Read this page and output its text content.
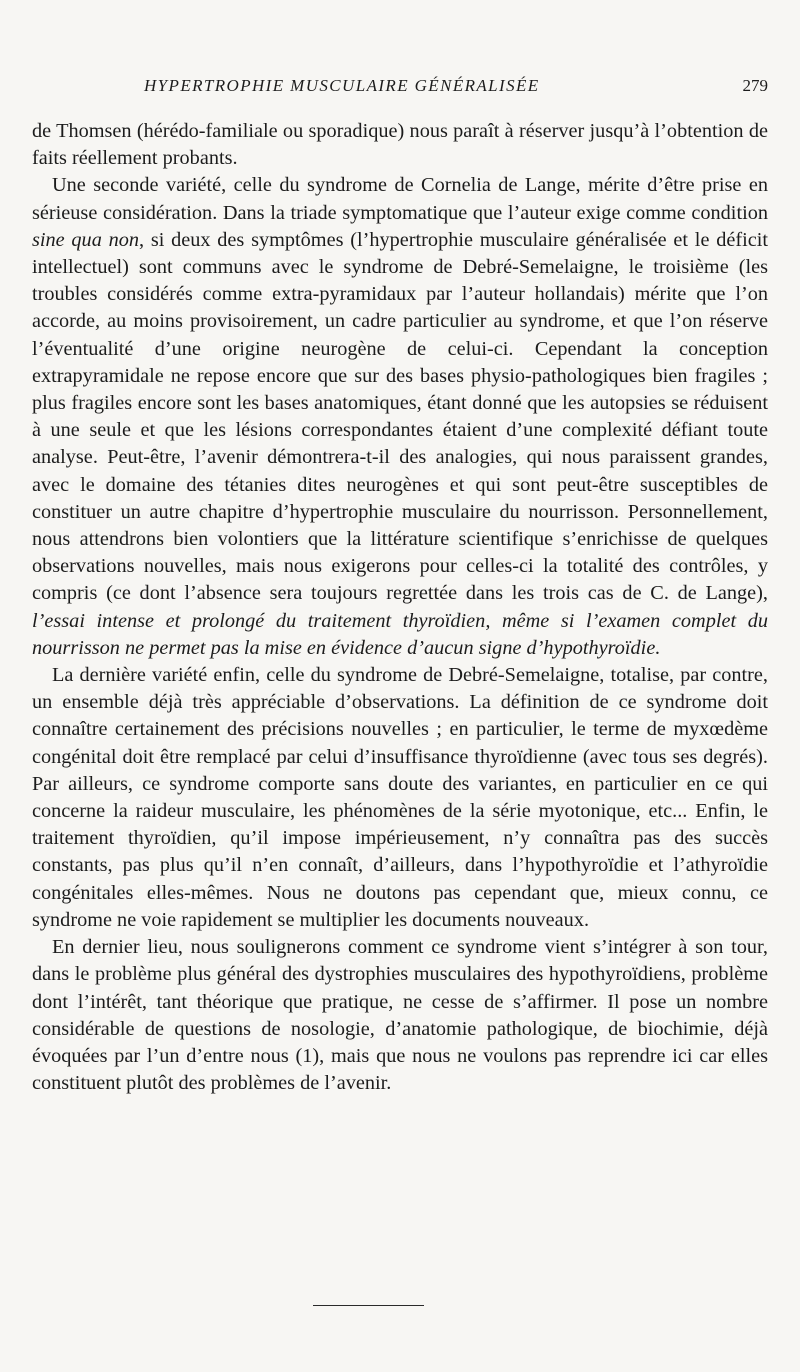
HYPERTROPHIE MUSCULAIRE GÉNÉRALISÉE	279

de Thomsen (hérédo-familiale ou sporadique) nous paraît à réserver jusqu’à l’obtention de faits réellement probants.

Une seconde variété, celle du syndrome de Cornelia de Lange, mérite d’être prise en sérieuse considération. Dans la triade symptomatique que l’auteur exige comme condition sine qua non, si deux des symptômes (l’hypertrophie musculaire généralisée et le déficit intellectuel) sont communs avec le syndrome de Debré-Semelaigne, le troisième (les troubles considérés comme extra-pyramidaux par l’auteur hollandais) mérite que l’on accorde, au moins provisoirement, un cadre particulier au syndrome, et que l’on réserve l’éventualité d’une origine neurogène de celui-ci. Cependant la conception extrapyramidale ne repose encore que sur des bases physio-pathologiques bien fragiles ; plus fragiles encore sont les bases anatomiques, étant donné que les autopsies se réduisent à une seule et que les lésions correspondantes étaient d’une complexité défiant toute analyse. Peut-être, l’avenir démontrera-t-il des analogies, qui nous paraissent grandes, avec le domaine des tétanies dites neurogènes et qui sont peut-être susceptibles de constituer un autre chapitre d’hypertrophie musculaire du nourrisson. Personnellement, nous attendrons bien volontiers que la littérature scientifique s’enrichisse de quelques observations nouvelles, mais nous exigerons pour celles-ci la totalité des contrôles, y compris (ce dont l’absence sera toujours regrettée dans les trois cas de C. de Lange), l’essai intense et prolongé du traitement thyroïdien, même si l’examen complet du nourrisson ne permet pas la mise en évidence d’aucun signe d’hypothyroïdie.

La dernière variété enfin, celle du syndrome de Debré-Semelaigne, totalise, par contre, un ensemble déjà très appréciable d’observations. La définition de ce syndrome doit connaître certainement des précisions nouvelles ; en particulier, le terme de myxœdème congénital doit être remplacé par celui d’insuffisance thyroïdienne (avec tous ses degrés). Par ailleurs, ce syndrome comporte sans doute des variantes, en particulier en ce qui concerne la raideur musculaire, les phénomènes de la série myotonique, etc... Enfin, le traitement thyroïdien, qu’il impose impérieusement, n’y connaîtra pas des succès constants, pas plus qu’il n’en connaît, d’ailleurs, dans l’hypothyroïdie et l’athyroïdie congénitales elles-mêmes. Nous ne doutons pas cependant que, mieux connu, ce syndrome ne voie rapidement se multiplier les documents nouveaux.

En dernier lieu, nous soulignerons comment ce syndrome vient s’intégrer à son tour, dans le problème plus général des dystrophies musculaires des hypothyroïdiens, problème dont l’intérêt, tant théorique que pratique, ne cesse de s’affirmer. Il pose un nombre considérable de questions de nosologie, d’anatomie pathologique, de biochimie, déjà évoquées par l’un d’entre nous (1), mais que nous ne voulons pas reprendre ici car elles constituent plutôt des problèmes de l’avenir.
